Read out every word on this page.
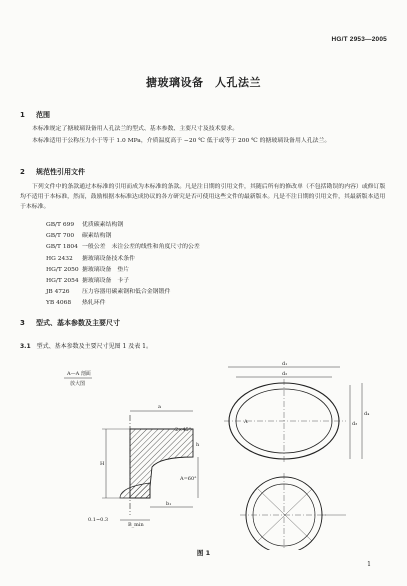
HG/T 2953—2005
搪玻璃设备　人孔法兰
1 范围
本标准规定了搪玻璃设备用人孔法兰的型式、基本参数、主要尺寸及技术要求。
本标准适用于公称压力小于等于 1.0 MPa，介质温度高于 −20 ℃ 低于或等于 200 ℃ 的搪玻璃设备用人孔法兰。
2 规范性引用文件
下列文件中的条款通过本标准的引用而成为本标准的条款。凡是注日期的引用文件，其随后所有的修改单（不包括勘误的内容）或修订版均不适用于本标准，然而，鼓励根据本标准达成协议的各方研究是否可使用这些文件的最新版本。凡是不注日期的引用文件，其最新版本适用于本标准。
GB/T 699 优质碳素结构钢
GB/T 700 碳素结构钢
GB/T 1804 一般公差　未注公差的线性和角度尺寸的公差
HG 2432 搪玻璃设备技术条件
HG/T 2050 搪玻璃设备　垫片
HG/T 2054 搪玻璃设备　卡子
JB 4726 压力容器用碳素钢和低合金钢锻件
YB 4068 热轧环件
3 型式、基本参数及主要尺寸
3.1 型式、基本参数及主要尺寸见图 1 及表 1。
A—A 剖面
放大图
a
2×45°
h
H
A=60°
b₁
B_min
0.1~0.3
d₁
d₂
A	d₃
d₄
图 1
1
